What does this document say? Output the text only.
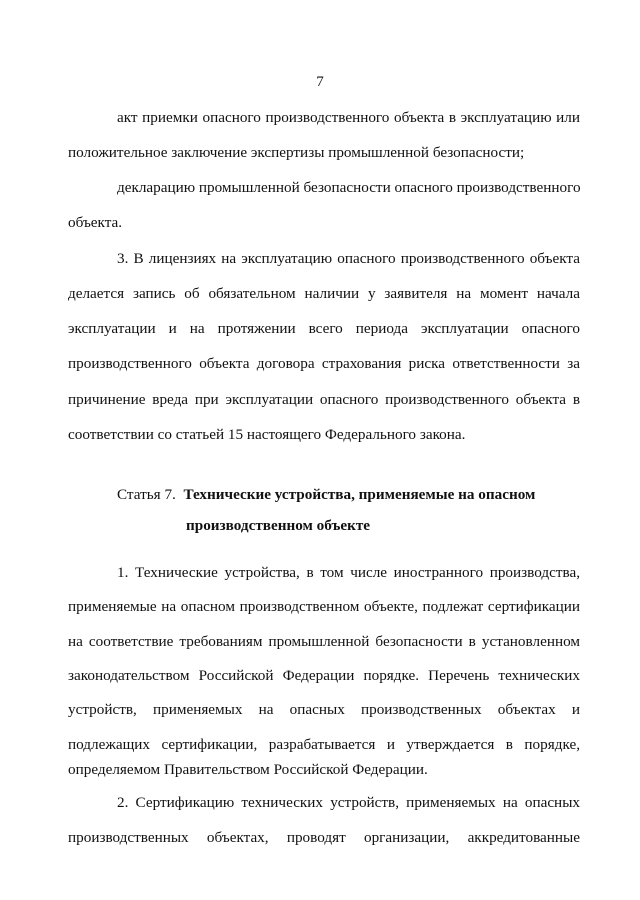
7
акт приемки опасного производственного объекта в эксплуатацию или
положительное заключение экспертизы промышленной безопасности;
декларацию промышленной безопасности опасного производственного
объекта.
3. В лицензиях на эксплуатацию опасного производственного объекта
делается запись об обязательном наличии у заявителя на момент начала
эксплуатации и на протяжении всего периода эксплуатации опасного
производственного объекта договора страхования риска ответственности за
причинение вреда при эксплуатации опасного производственного объекта в
соответствии со статьей 15 настоящего Федерального закона.
Статья 7. Технические устройства, применяемые на опасном
производственном объекте
1. Технические устройства, в том числе иностранного производства,
применяемые на опасном производственном объекте, подлежат сертификации
на соответствие требованиям промышленной безопасности в установленном
законодательством Российской Федерации порядке. Перечень технических
устройств, применяемых на опасных производственных объектах и
подлежащих сертификации, разрабатывается и утверждается в порядке,
определяемом Правительством Российской Федерации.
2. Сертификацию технических устройств, применяемых на опасных
производственных объектах, проводят организации, аккредитованные
